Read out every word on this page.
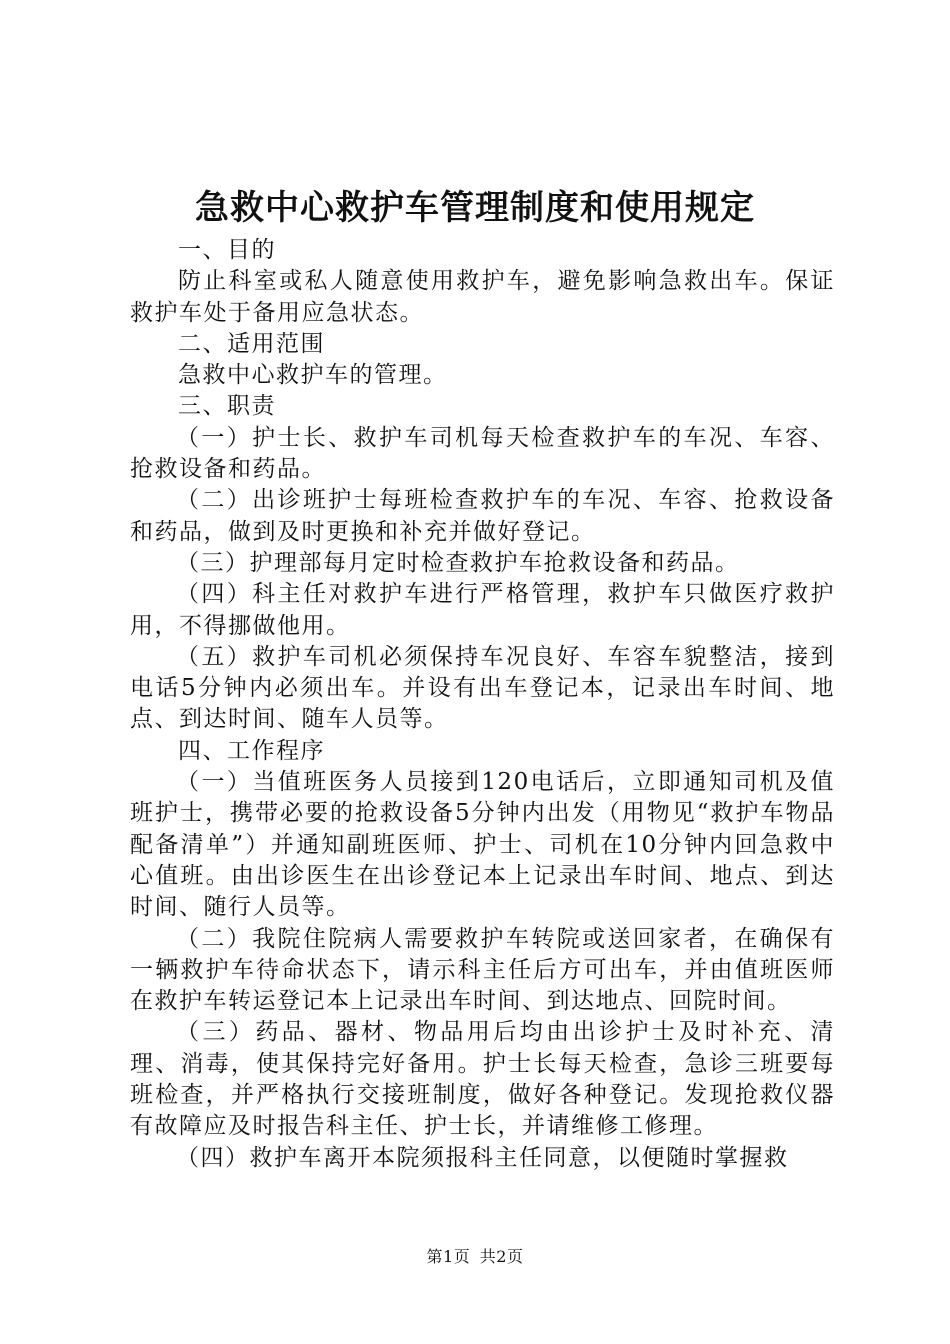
急救中心救护车管理制度和使用规定

一、目的

防止科室或私人随意使用救护车，避免影响急救出车。保证救护车处于备用应急状态。

二、适用范围

急救中心救护车的管理。

三、职责

（一）护士长、救护车司机每天检查救护车的车况、车容、抢救设备和药品。

（二）出诊班护士每班检查救护车的车况、车容、抢救设备和药品，做到及时更换和补充并做好登记。

（三）护理部每月定时检查救护车抢救设备和药品。

（四）科主任对救护车进行严格管理，救护车只做医疗救护用，不得挪做他用。

（五）救护车司机必须保持车况良好、车容车貌整洁，接到电话5分钟内必须出车。并设有出车登记本，记录出车时间、地点、到达时间、随车人员等。

四、工作程序

（一）当值班医务人员接到120电话后，立即通知司机及值班护士，携带必要的抢救设备5分钟内出发（用物见“救护车物品配备清单”）并通知副班医师、护士、司机在10分钟内回急救中心值班。由出诊医生在出诊登记本上记录出车时间、地点、到达时间、随行人员等。

（二）我院住院病人需要救护车转院或送回家者，在确保有一辆救护车待命状态下，请示科主任后方可出车，并由值班医师在救护车转运登记本上记录出车时间、到达地点、回院时间。

（三）药品、器材、物品用后均由出诊护士及时补充、清理、消毒，使其保持完好备用。护士长每天检查，急诊三班要每班检查，并严格执行交接班制度，做好各种登记。发现抢救仪器有故障应及时报告科主任、护士长，并请维修工修理。

（四）救护车离开本院须报科主任同意，以便随时掌握救

第1页 共2页
